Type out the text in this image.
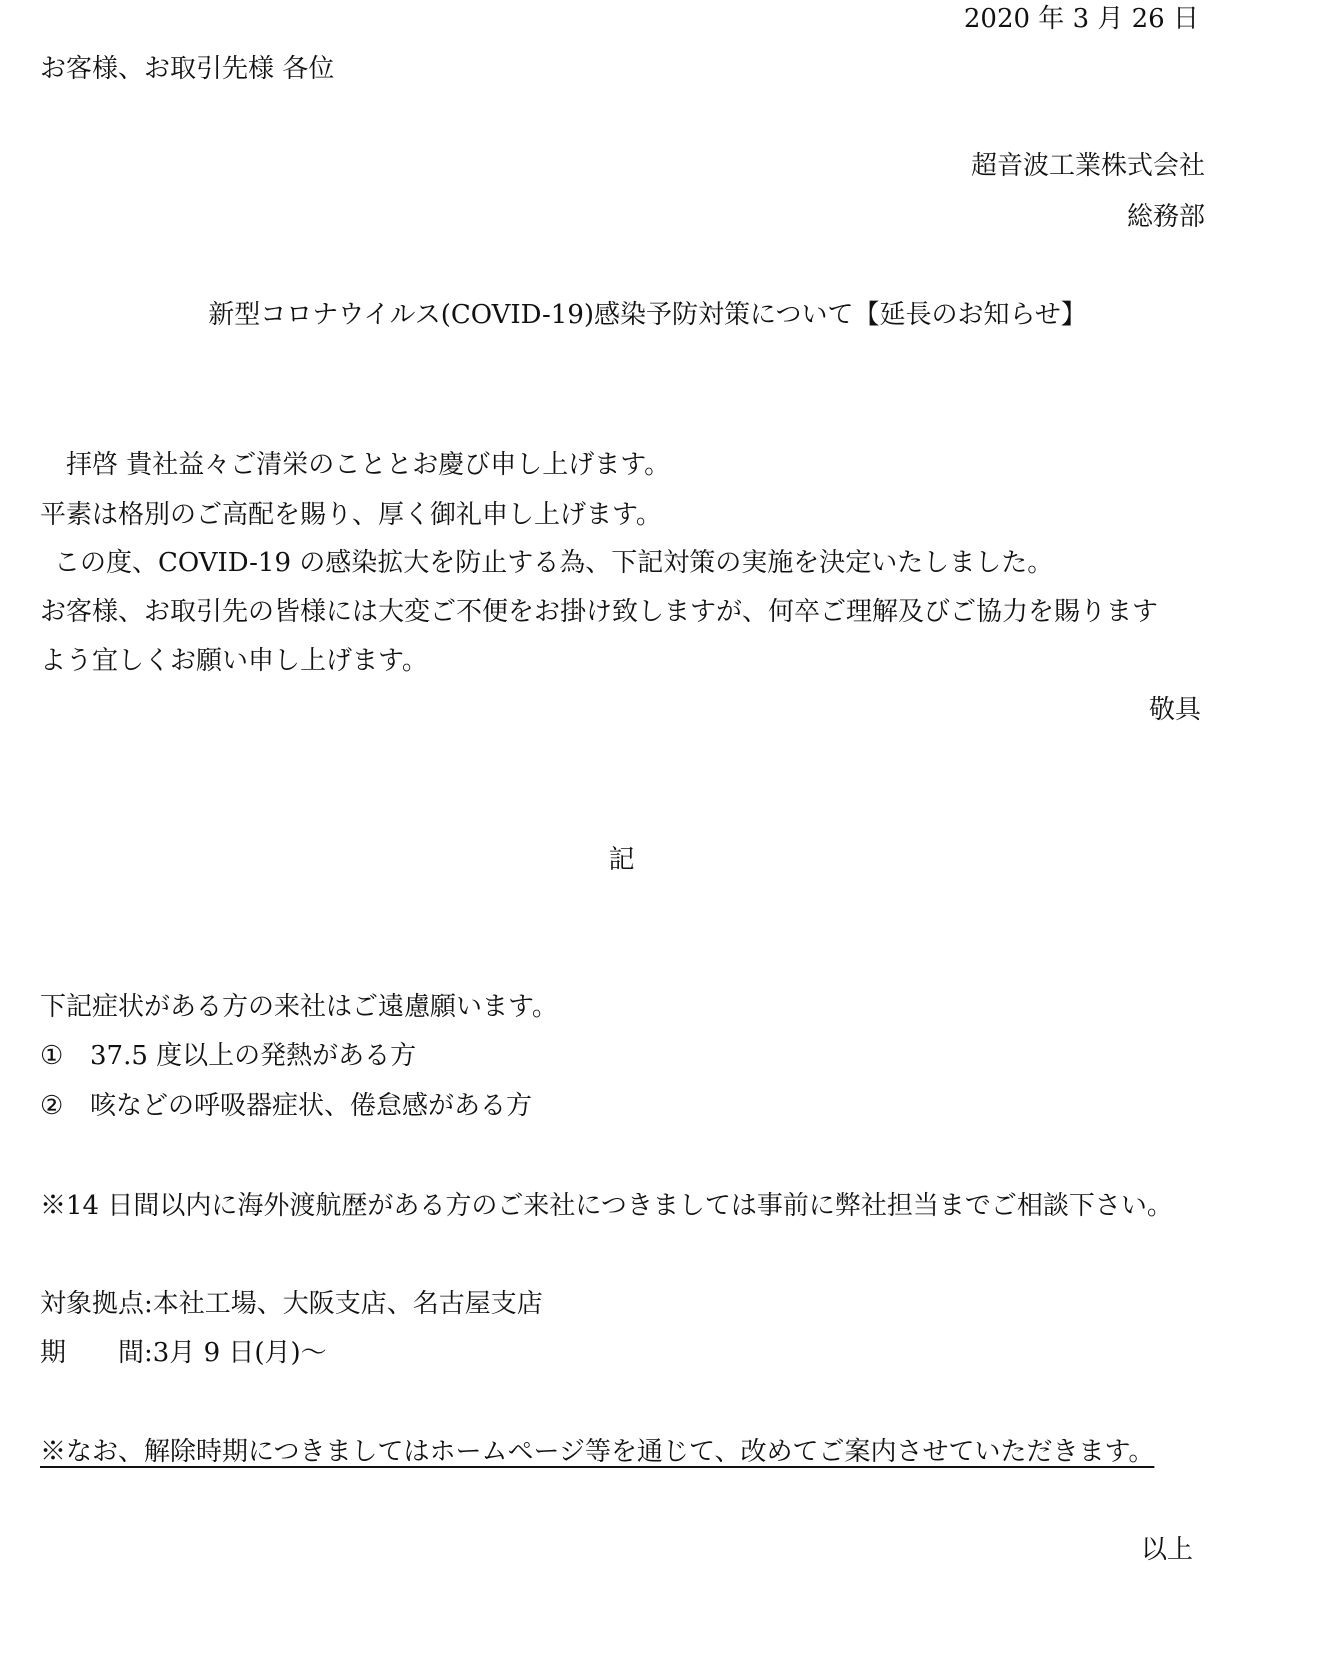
2020 年 3 月 26 日

お客様、お取引先様 各位

超音波工業株式会社

総務部

新型コロナウイルス(COVID-19)感染予防対策について【延長のお知らせ】

拝啓 貴社益々ご清栄のこととお慶び申し上げます。

平素は格別のご高配を賜り、厚く御礼申し上げます。

この度、COVID-19 の感染拡大を防止する為、下記対策の実施を決定いたしました。

お客様、お取引先の皆様には大変ご不便をお掛け致しますが、何卒ご理解及びご協力を賜ります

よう宜しくお願い申し上げます。

敬具

記

下記症状がある方の来社はご遠慮願います。

① 37.5 度以上の発熱がある方

② 咳などの呼吸器症状、倦怠感がある方

※14 日間以内に海外渡航歴がある方のご来社につきましては事前に弊社担当までご相談下さい。

対象拠点:本社工場、大阪支店、名古屋支店

期　　間:3月 9 日(月)～

※なお、解除時期につきましてはホームページ等を通じて、改めてご案内させていただきます。

以上
